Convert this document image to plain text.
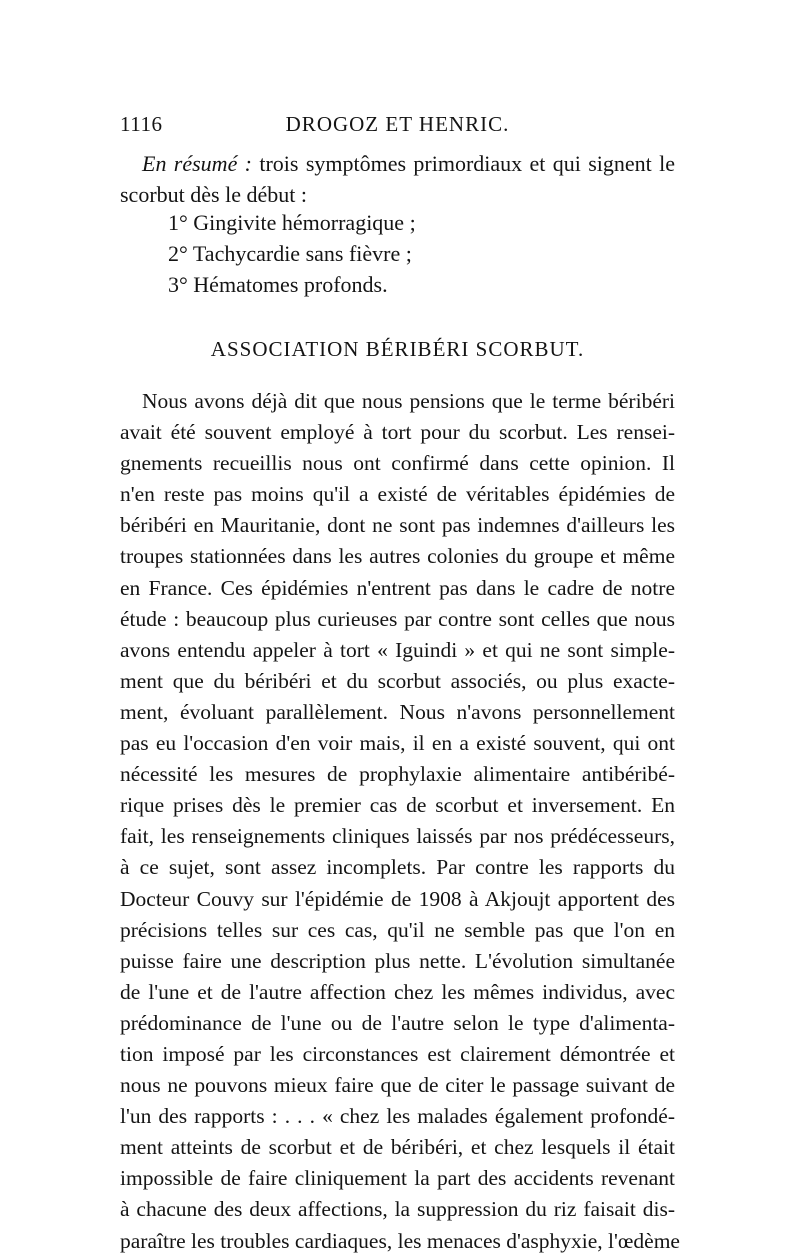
1116	DROGOZ ET HENRIC.

En résumé : trois symptômes primordiaux et qui signent le scorbut dès le début :

1° Gingivite hémorragique ;
2° Tachycardie sans fièvre ;
3° Hématomes profonds.
ASSOCIATION BÉRIBÉRI SCORBUT.
Nous avons déjà dit que nous pensions que le terme béribéri
avait été souvent employé à tort pour du scorbut. Les rensei-
gnements recueillis nous ont confirmé dans cette opinion. Il
n'en reste pas moins qu'il a existé de véritables épidémies de
béribéri en Mauritanie, dont ne sont pas indemnes d'ailleurs les
troupes stationnées dans les autres colonies du groupe et même
en France. Ces épidémies n'entrent pas dans le cadre de notre
étude : beaucoup plus curieuses par contre sont celles que nous
avons entendu appeler à tort « Iguindi » et qui ne sont simple-
ment que du béribéri et du scorbut associés, ou plus exacte-
ment, évoluant parallèlement. Nous n'avons personnellement
pas eu l'occasion d'en voir mais, il en a existé souvent, qui ont
nécessité les mesures de prophylaxie alimentaire antibéribé-
rique prises dès le premier cas de scorbut et inversement. En
fait, les renseignements cliniques laissés par nos prédécesseurs,
à ce sujet, sont assez incomplets. Par contre les rapports du
Docteur Couvy sur l'épidémie de 1908 à Akjoujt apportent des
précisions telles sur ces cas, qu'il ne semble pas que l'on en
puisse faire une description plus nette. L'évolution simultanée
de l'une et de l'autre affection chez les mêmes individus, avec
prédominance de l'une ou de l'autre selon le type d'alimenta-
tion imposé par les circonstances est clairement démontrée et
nous ne pouvons mieux faire que de citer le passage suivant de
l'un des rapports : . . . « chez les malades également profondé-
ment atteints de scorbut et de béribéri, et chez lesquels il était
impossible de faire cliniquement la part des accidents revenant
à chacune des deux affections, la suppression du riz faisait dis-
paraître les troubles cardiaques, les menaces d'asphyxie, l'œdème
